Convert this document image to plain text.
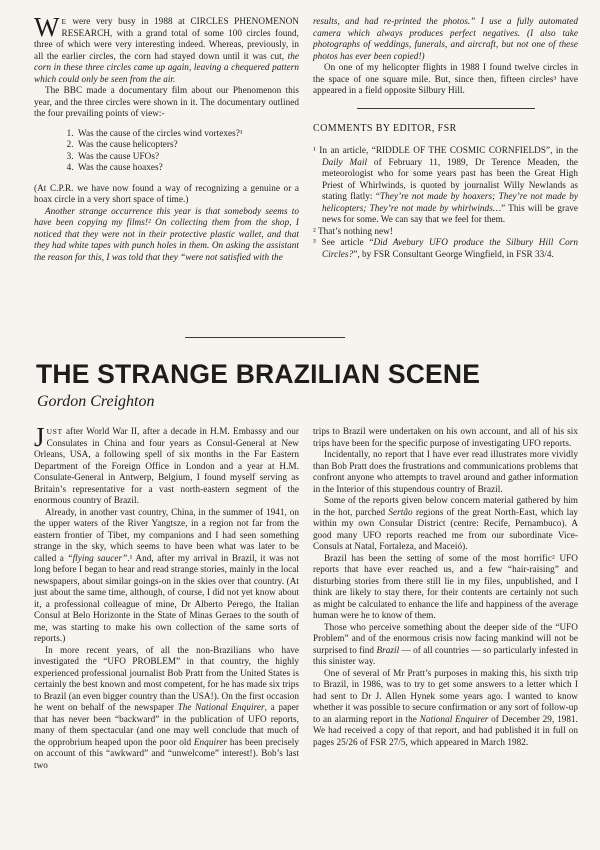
W E were very busy in 1988 at CIRCLES PHENOMENON RESEARCH, with a grand total of some 100 circles found, three of which were very interesting indeed. Whereas, previously, in all the earlier circles, the corn had stayed down until it was cut, the corn in these three circles came up again, leaving a chequered pattern which could only be seen from the air.

The BBC made a documentary film about our Phenomenon this year, and the three circles were shown in it. The documentary outlined the four prevailing points of view:-

1. Was the cause of the circles wind vortexes?¹
2. Was the cause helicopters?
3. Was the cause UFOs?
4. Was the cause hoaxes?

(At C.P.R. we have now found a way of recognizing a genuine or a hoax circle in a very short space of time.)

Another strange occurrence this year is that somebody seems to have been copying my films!² On collecting them from the shop, I noticed that they were not in their protective plastic wallet, and that they had white tapes with punch holes in them. On asking the assistant the reason for this, I was told that they “were not satisfied with the

results, and had re-printed the photos.” I use a fully automated camera which always produces perfect negatives. (I also take photographs of weddings, funerals, and aircraft, but not one of these photos has ever been copied!)

On one of my helicopter flights in 1988 I found twelve circles in the space of one square mile. But, since then, fifteen circles³ have appeared in a field opposite Silbury Hill.

COMMENTS BY EDITOR, FSR

¹ In an article, “RIDDLE OF THE COSMIC CORNFIELDS”, in the Daily Mail of February 11, 1989, Dr Terence Meaden, the meteorologist who for some years past has been the Great High Priest of Whirlwinds, is quoted by journalist Willy Newlands as stating flatly: “They’re not made by hoaxers; They’re not made by helicopters; They’re not made by whirlwinds…” This will be grave news for some. We can say that we feel for them.

² That’s nothing new!

³ See article “Did Avebury UFO produce the Silbury Hill Corn Circles?”, by FSR Consultant George Wingfield, in FSR 33/4.

THE STRANGE BRAZILIAN SCENE
Gordon Creighton

JUST after World War II, after a decade in H.M. Embassy and our Consulates in China and four years as Consul-General at New Orleans, USA, a following spell of six months in the Far Eastern Department of the Foreign Office in London and a year at H.M. Consulate-General in Antwerp, Belgium, I found myself serving as Britain’s representative for a vast north-eastern segment of the enormous country of Brazil.

Already, in another vast country, China, in the summer of 1941, on the upper waters of the River Yangtsze, in a region not far from the eastern frontier of Tibet, my companions and I had seen something strange in the sky, which seems to have been what was later to be called a “flying saucer”.¹ And, after my arrival in Brazil, it was not long before I began to hear and read strange stories, mainly in the local newspapers, about similar goings-on in the skies over that country. (At just about the same time, although, of course, I did not yet know about it, a professional colleague of mine, Dr Alberto Perego, the Italian Consul at Belo Horizonte in the State of Minas Geraes to the south of me, was starting to make his own collection of the same sorts of reports.)

In more recent years, of all the non-Brazilians who have investigated the “UFO PROBLEM” in that country, the highly experienced professional journalist Bob Pratt from the United States is certainly the best known and most competent, for he has made six trips to Brazil (an even bigger country than the USA!). On the first occasion he went on behalf of the newspaper The National Enquirer, a paper that has never been “backward” in the publication of UFO reports, many of them spectacular (and one may well conclude that much of the opprobrium heaped upon the poor old Enquirer has been precisely on account of this “awkward” and “unwelcome” interest!). Bob’s last two

trips to Brazil were undertaken on his own account, and all of his six trips have been for the specific purpose of investigating UFO reports.

Incidentally, no report that I have ever read illustrates more vividly than Bob Pratt does the frustrations and communications problems that confront anyone who attempts to travel around and gather information in the Interior of this stupendous country of Brazil.

Some of the reports given below concern material gathered by him in the hot, parched Sertão regions of the great North-East, which lay within my own Consular District (centre: Recife, Pernambuco). A good many UFO reports reached me from our subordinate Vice-Consuls at Natal, Fortaleza, and Maceió).

Brazil has been the setting of some of the most horrific² UFO reports that have ever reached us, and a few “hair-raising” and disturbing stories from there still lie in my files, unpublished, and I think are likely to stay there, for their contents are certainly not such as might be calculated to enhance the life and happiness of the average human were he to know of them.

Those who perceive something about the deeper side of the “UFO Problem” and of the enormous crisis now facing mankind will not be surprised to find Brazil — of all countries — so particularly infested in this sinister way.

One of several of Mr Pratt’s purposes in making this, his sixth trip to Brazil, in 1986, was to try to get some answers to a letter which I had sent to Dr J. Allen Hynek some years ago. I wanted to know whether it was possible to secure confirmation or any sort of follow-up to an alarming report in the National Enquirer of December 29, 1981. We had received a copy of that report, and had published it in full on pages 25/26 of FSR 27/5, which appeared in March 1982.
